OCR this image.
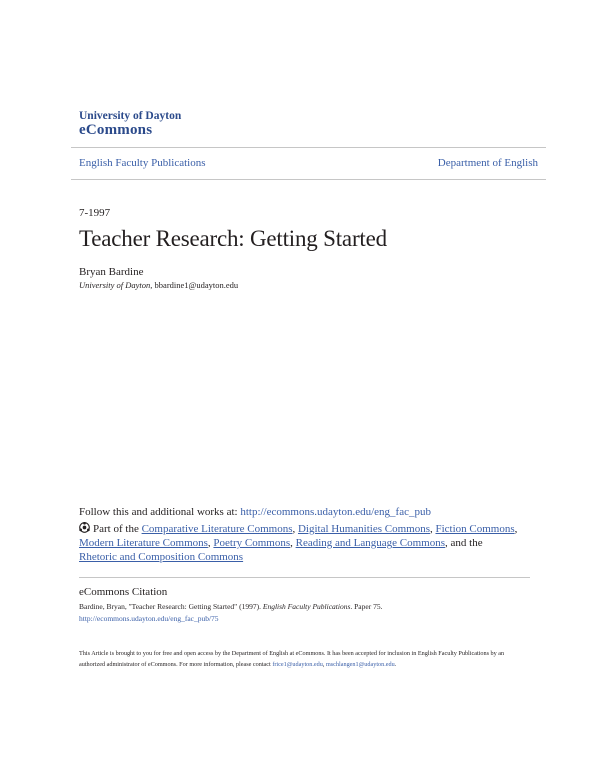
University of Dayton
eCommons
English Faculty Publications	Department of English
7-1997
Teacher Research: Getting Started
Bryan Bardine
University of Dayton, bbardine1@udayton.edu
Follow this and additional works at: http://ecommons.udayton.edu/eng_fac_pub
Part of the Comparative Literature Commons, Digital Humanities Commons, Fiction Commons, Modern Literature Commons, Poetry Commons, Reading and Language Commons, and the
Rhetoric and Composition Commons
eCommons Citation
Bardine, Bryan, "Teacher Research: Getting Started" (1997). English Faculty Publications. Paper 75.
http://ecommons.udayton.edu/eng_fac_pub/75
This Article is brought to you for free and open access by the Department of English at eCommons. It has been accepted for inclusion in English Faculty Publications by an authorized administrator of eCommons. For more information, please contact frice1@udayton.edu, mschlangen1@udayton.edu.
